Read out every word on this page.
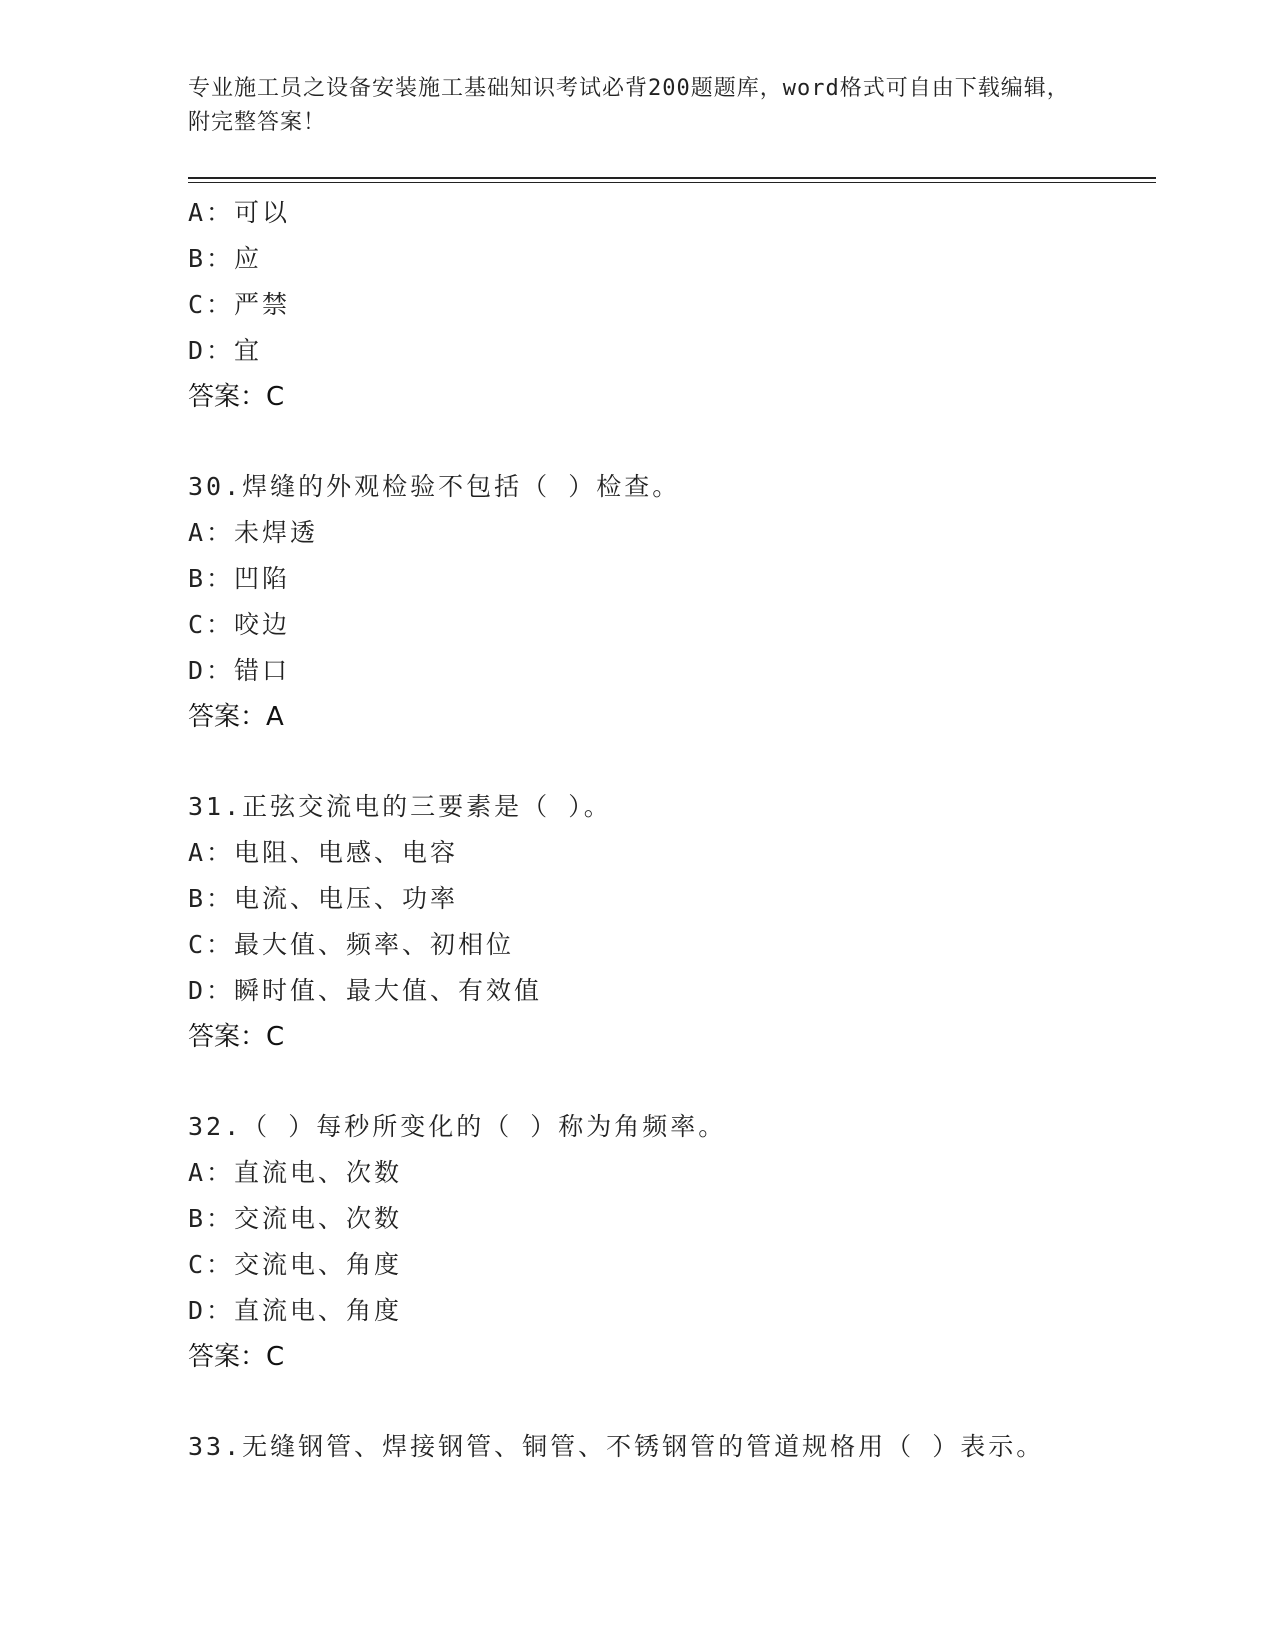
专业施工员之设备安装施工基础知识考试必背200题题库，word格式可自由下载编辑，附完整答案！
A：可以
B：应
C：严禁
D：宜
答案：C
30.焊缝的外观检验不包括（ ）检查。
A：未焊透
B：凹陷
C：咬边
D：错口
答案：A
31.正弦交流电的三要素是（ ）。
A：电阻、电感、电容
B：电流、电压、功率
C：最大值、频率、初相位
D：瞬时值、最大值、有效值
答案：C
32.（ ）每秒所变化的（ ）称为角频率。
A：直流电、次数
B：交流电、次数
C：交流电、角度
D：直流电、角度
答案：C
33.无缝钢管、焊接钢管、铜管、不锈钢管的管道规格用（ ）表示。
